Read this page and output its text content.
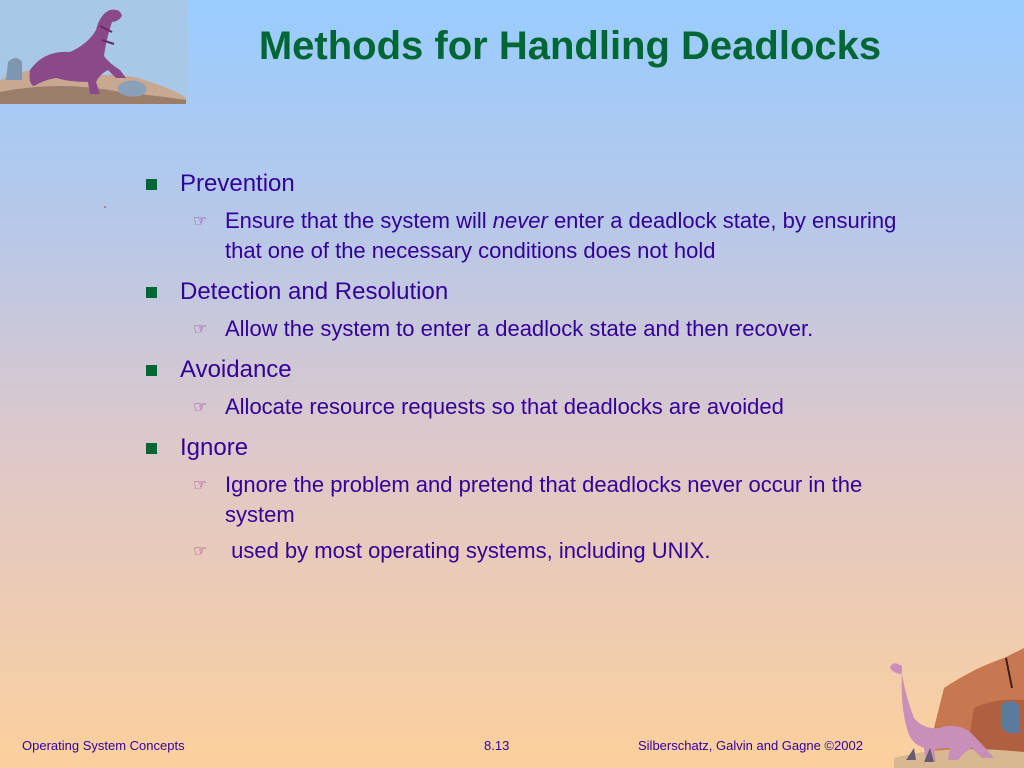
Methods for Handling Deadlocks
Prevention
☞ Ensure that the system will never enter a deadlock state, by ensuring that one of the necessary conditions does not hold
Detection and Resolution
☞ Allow the system to enter a deadlock state and then recover.
Avoidance
☞ Allocate resource requests so that deadlocks are avoided
Ignore
☞ Ignore the problem and pretend that deadlocks never occur in the system
☞ used by most operating systems, including UNIX.
Operating System Concepts	8.13	Silberschatz, Galvin and Gagne ©2002
